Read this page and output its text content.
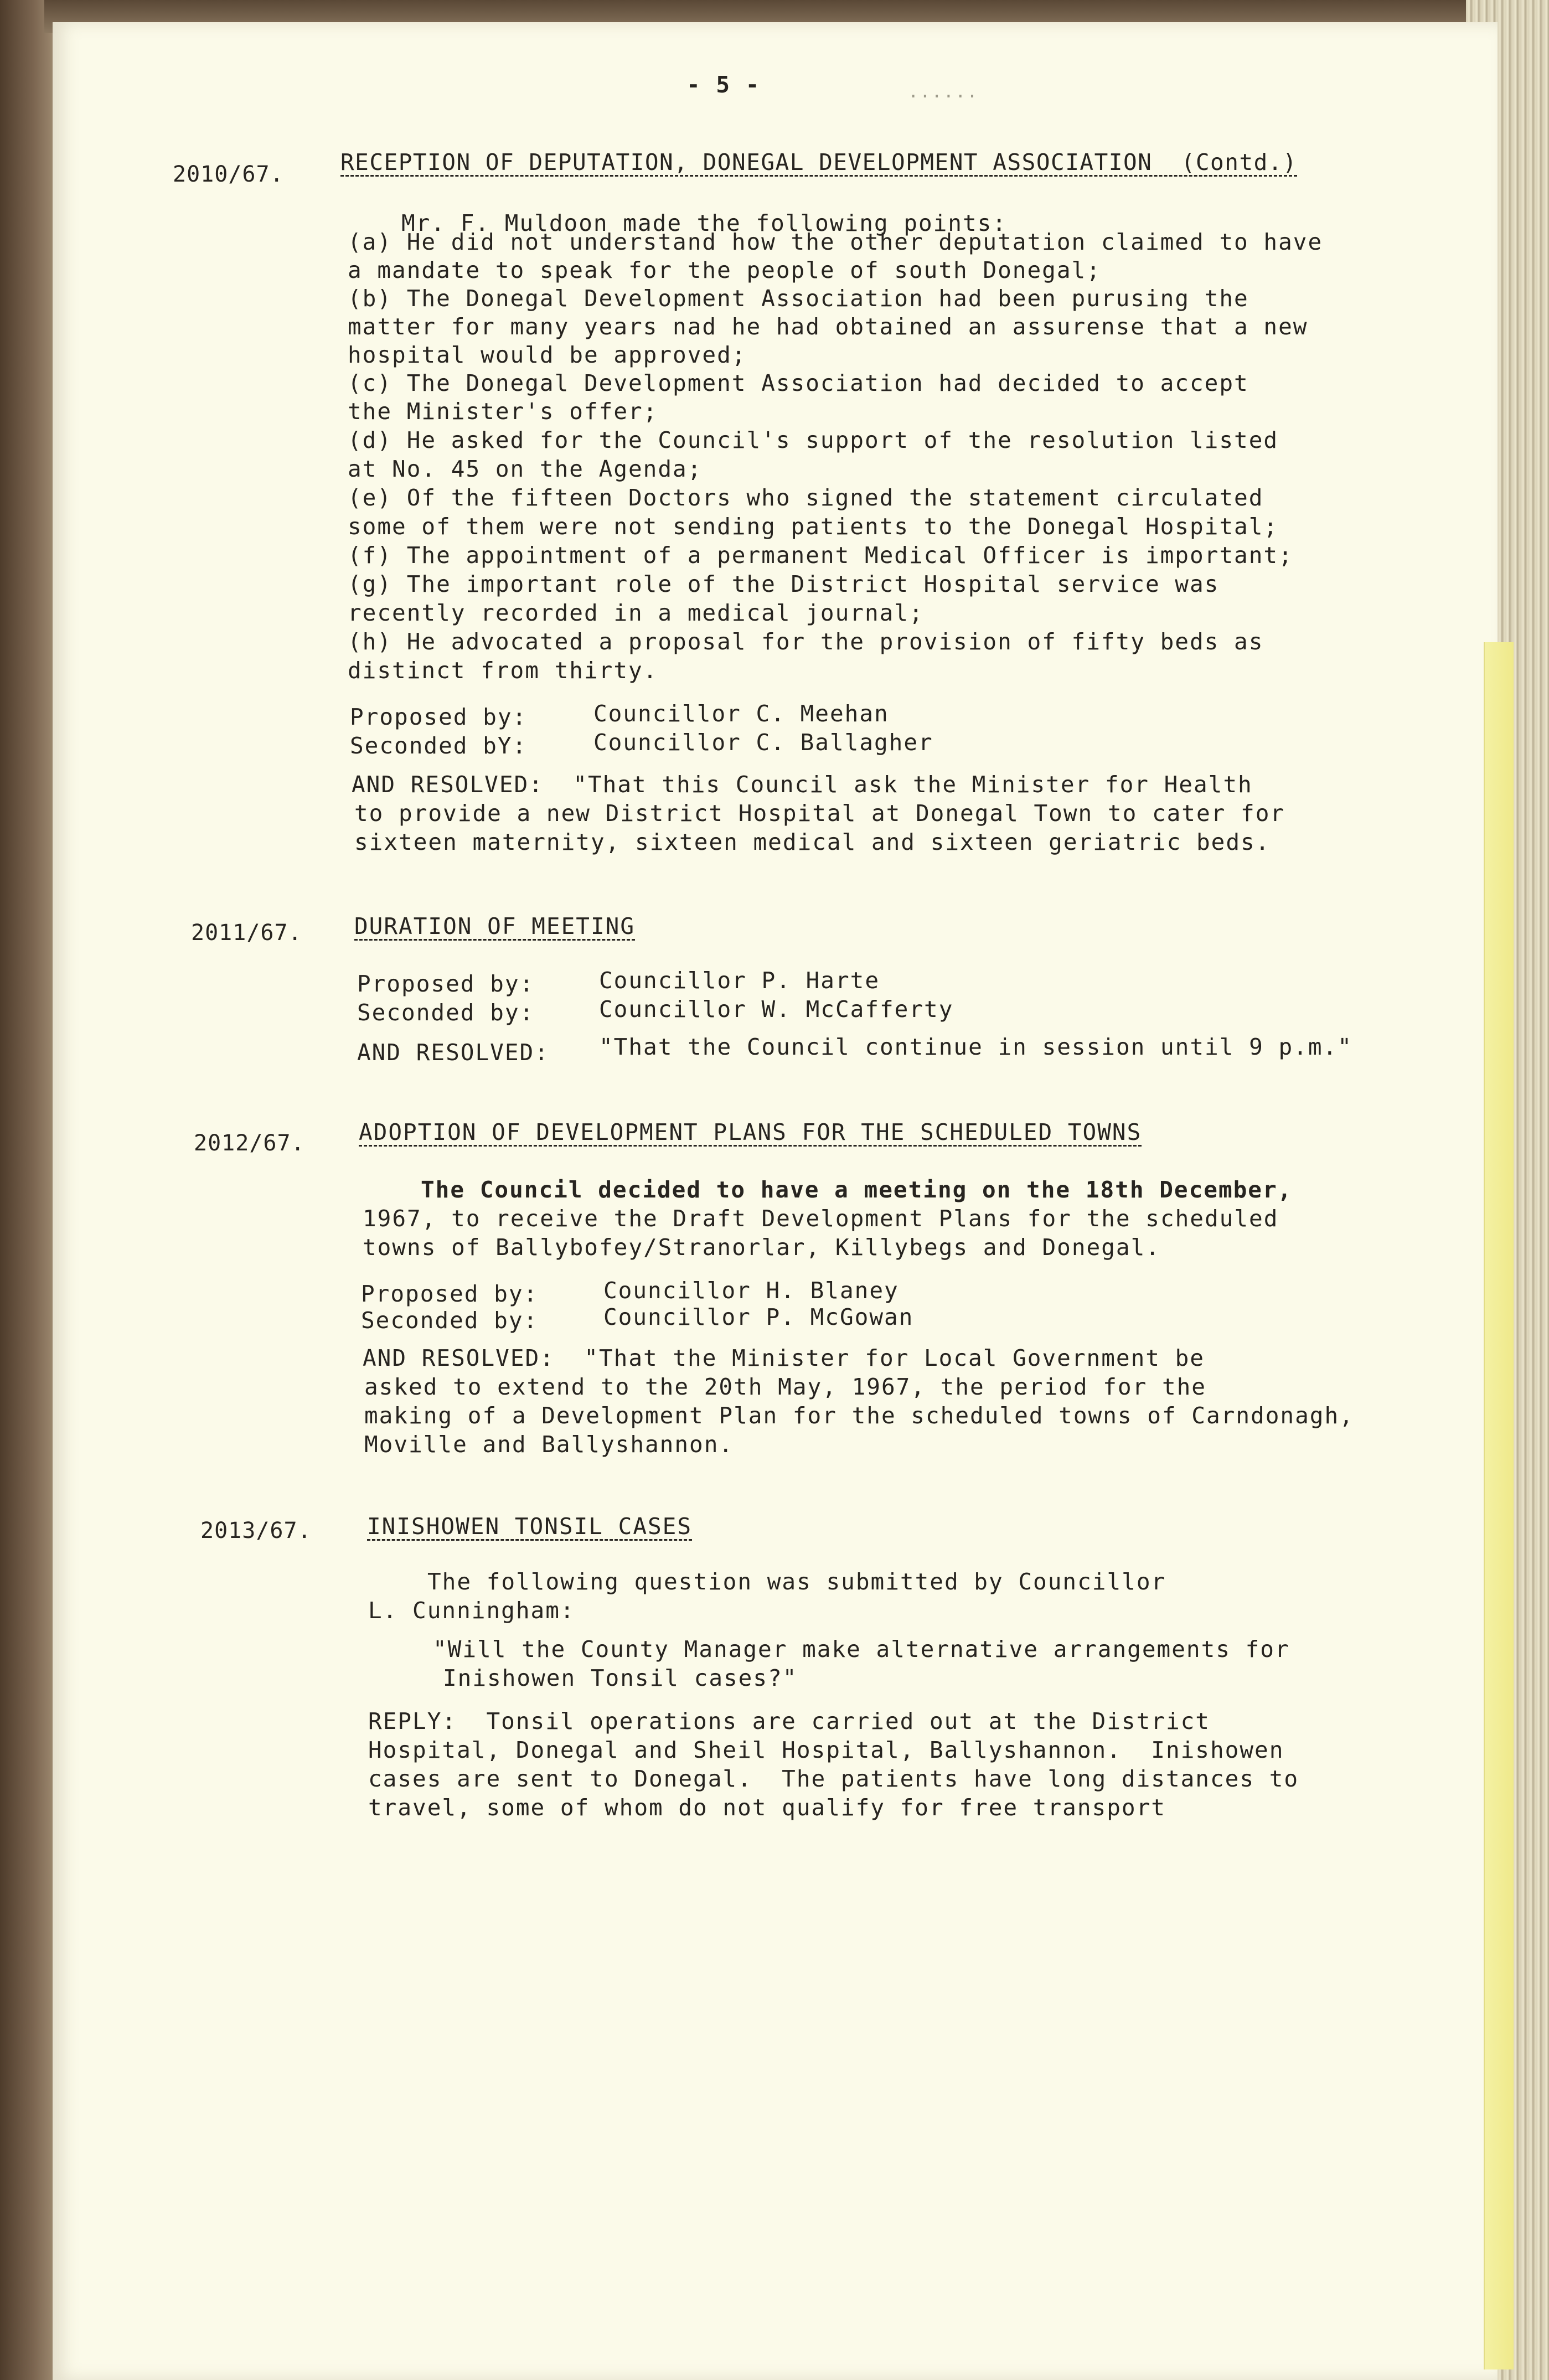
- 5 -	......

2010/67. RECEPTION OF DEPUTATION, DONEGAL DEVELOPMENT ASSOCIATION  (Contd.)

Mr. F. Muldoon made the following points:

(a) He did not understand how the other deputation claimed to have

a mandate to speak for the people of south Donegal;

(b) The Donegal Development Association had been purusing the

matter for many years nad he had obtained an assurense that a new

hospital would be approved;

(c) The Donegal Development Association had decided to accept

the Minister's offer;

(d) He asked for the Council's support of the resolution listed

at No. 45 on the Agenda;

(e) Of the fifteen Doctors who signed the statement circulated

some of them were not sending patients to the Donegal Hospital;

(f) The appointment of a permanent Medical Officer is important;

(g) The important role of the District Hospital service was

recently recorded in a medical journal;

(h) He advocated a proposal for the provision of fifty beds as

distinct from thirty.

Proposed by:	Councillor C. Meehan

Seconded bY:	Councillor C. Ballagher

AND RESOLVED:  "That this Council ask the Minister for Health

to provide a new District Hospital at Donegal Town to cater for

sixteen maternity, sixteen medical and sixteen geriatric beds.

2011/67. DURATION OF MEETING

Proposed by:	Councillor P. Harte

Seconded by:	Councillor W. McCafferty

AND RESOLVED: "That the Council continue in session until 9 p.m."

2012/67. ADOPTION OF DEVELOPMENT PLANS FOR THE SCHEDULED TOWNS

The Council decided to have a meeting on the 18th December,

1967, to receive the Draft Development Plans for the scheduled

towns of Ballybofey/Stranorlar, Killybegs and Donegal.

Proposed by:	Councillor H. Blaney

Seconded by:	Councillor P. McGowan

AND RESOLVED:  "That the Minister for Local Government be

asked to extend to the 20th May, 1967, the period for the

making of a Development Plan for the scheduled towns of Carndonagh,

Moville and Ballyshannon.

2013/67. INISHOWEN TONSIL CASES

The following question was submitted by Councillor

L. Cunningham:

"Will the County Manager make alternative arrangements for

Inishowen Tonsil cases?"

REPLY:  Tonsil operations are carried out at the District

Hospital, Donegal and Sheil Hospital, Ballyshannon.  Inishowen

cases are sent to Donegal.  The patients have long distances to

travel, some of whom do not qualify for free transport
